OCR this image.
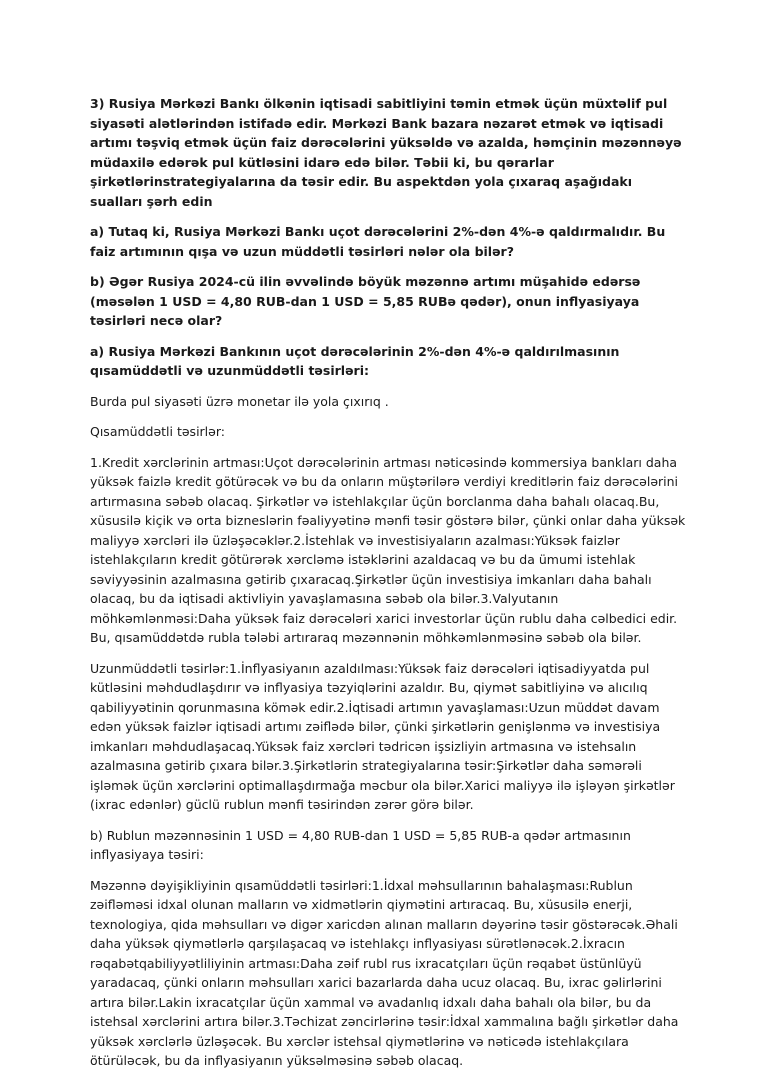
3) Rusiya Mərkəzi Bankı ölkənin iqtisadi sabitliyini təmin etmək üçün müxtəlif pul siyasəti alətlərindən istifadə edir. Mərkəzi Bank bazara nəzarət etmək və iqtisadi artımı təşviq etmək üçün faiz dərəcələrini yüksəldə və azalda, həmçinin məzənnəyə müdaxilə edərək pul kütləsini idarə edə bilər. Təbii ki, bu qərarlar şirkətlərinstrategiyalarına da təsir edir. Bu aspektdən yola çıxaraq aşağıdakı sualları şərh edin

a) Tutaq ki, Rusiya Mərkəzi Bankı uçot dərəcələrini 2%-dən 4%-ə qaldırmalıdır. Bu faiz artımının qışa və uzun müddətli təsirləri nələr ola bilər?

b) Əgər Rusiya 2024-cü ilin əvvəlində böyük məzənnə artımı müşahidə edərsə (məsələn 1 USD = 4,80 RUB-dan 1 USD = 5,85 RUBə qədər), onun inflyasiyaya təsirləri necə olar?

a) Rusiya Mərkəzi Bankının uçot dərəcələrinin 2%-dən 4%-ə qaldırılmasının qısamüddətli və uzunmüddətli təsirləri:

Burda pul siyasəti üzrə monetar ilə yola çıxırıq .

Qısamüddətli təsirlər:

1.Kredit xərclərinin artması:Uçot dərəcələrinin artması nəticəsində kommersiya bankları daha yüksək faizlə kredit götürəcək və bu da onların müştərilərə verdiyi kreditlərin faiz dərəcələrini artırmasına səbəb olacaq. Şirkətlər və istehlakçılar üçün borclanma daha bahalı olacaq.Bu, xüsusilə kiçik və orta bizneslərin fəaliyyətinə mənfi təsir göstərə bilər, çünki onlar daha yüksək maliyyə xərcləri ilə üzləşəcəklər.2.İstehlak və investisiyaların azalması:Yüksək faizlər istehlakçıların kredit götürərək xərcləmə istəklərini azaldacaq və bu da ümumi istehlak səviyyəsinin azalmasına gətirib çıxaracaq.Şirkətlər üçün investisiya imkanları daha bahalı olacaq, bu da iqtisadi aktivliyin yavaşlamasına səbəb ola bilər.3.Valyutanın möhkəmlənməsi:Daha yüksək faiz dərəcələri xarici investorlar üçün rublu daha cəlbedici edir. Bu, qısamüddətdə rubla tələbi artıraraq məzənnənin möhkəmlənməsinə səbəb ola bilər.

Uzunmüddətli təsirlər:1.İnflyasiyanın azaldılması:Yüksək faiz dərəcələri iqtisadiyyatda pul kütləsini məhdudlaşdırır və inflyasiya təzyiqlərini azaldır. Bu, qiymət sabitliyinə və alıcılıq qabiliyyətinin qorunmasına kömək edir.2.İqtisadi artımın yavaşlaması:Uzun müddət davam edən yüksək faizlər iqtisadi artımı zəiflədə bilər, çünki şirkətlərin genişlənmə və investisiya imkanları məhdudlaşacaq.Yüksək faiz xərcləri tədricən işsizliyin artmasına və istehsalın azalmasına gətirib çıxara bilər.3.Şirkətlərin strategiyalarına təsir:Şirkətlər daha səmərəli işləmək üçün xərclərini optimallaşdırmağa məcbur ola bilər.Xarici maliyyə ilə işləyən şirkətlər (ixrac edənlər) güclü rublun mənfi təsirindən zərər görə bilər.

b) Rublun məzənnəsinin 1 USD = 4,80 RUB-dan 1 USD = 5,85 RUB-a qədər artmasının inflyasiyaya təsiri:

Məzənnə dəyişikliyinin qısamüddətli təsirləri:1.İdxal məhsullarının bahalaşması:Rublun zəifləməsi idxal olunan malların və xidmətlərin qiymətini artıracaq. Bu, xüsusilə enerji, texnologiya, qida məhsulları və digər xaricdən alınan malların dəyərinə təsir göstərəcək.Əhali daha yüksək qiymətlərlə qarşılaşacaq və istehlakçı inflyasiyası sürətlənəcək.2.İxracın rəqabətqabiliyyətliliyinin artması:Daha zəif rubl rus ixracatçıları üçün rəqabət üstünlüyü yaradacaq, çünki onların məhsulları xarici bazarlarda daha ucuz olacaq. Bu, ixrac gəlirlərini artıra bilər.Lakin ixracatçılar üçün xammal və avadanlıq idxalı daha bahalı ola bilər, bu da istehsal xərclərini artıra bilər.3.Təchizat zəncirlərinə təsir:İdxal xammalına bağlı şirkətlər daha yüksək xərclərlə üzləşəcək. Bu xərclər istehsal qiymətlərinə və nəticədə istehlakçılara ötürüləcək, bu da inflyasiyanın yüksəlməsinə səbəb olacaq.
